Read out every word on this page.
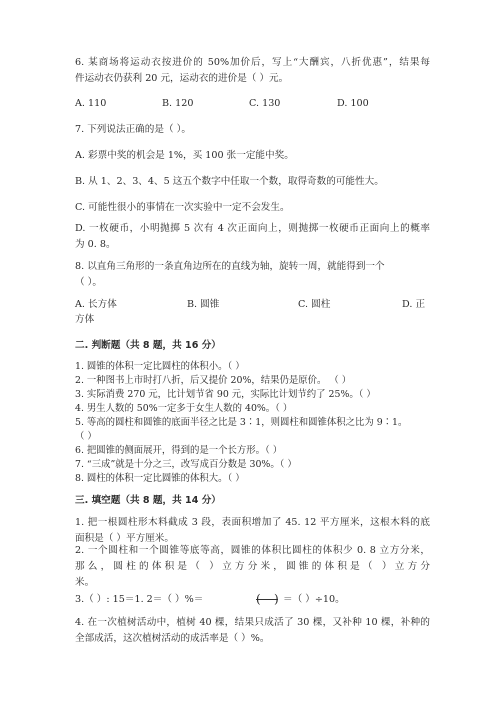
6. 某商场将运动衣按进价的 50%加价后，写上“大酬宾，八折优惠”，结果每
件运动衣仍获利 20 元，运动衣的进价是（ ）元。
A. 110	B. 120	C. 130	D. 100
7. 下列说法正确的是（ ）。
A. 彩票中奖的机会是 1%，买 100 张一定能中奖。
B. 从 1、2、3、4、5 这五个数字中任取一个数，取得奇数的可能性大。
C. 可能性很小的事情在一次实验中一定不会发生。
D. 一枚硬币，小明抛掷 5 次有 4 次正面向上，则抛掷一枚硬币正面向上的概率
为 0. 8。
8. 以直角三角形的一条直角边所在的直线为轴，旋转一周，就能得到一个
（ ）。
A. 长方体	B. 圆锥	C. 圆柱	D. 正
方体
二. 判断题（共 8 题，共 16 分）
1. 圆锥的体积一定比圆柱的体积小。（ ）
2. 一种图书上市时打八折，后又提价 20%，结果仍是原价。 （ ）
3. 实际消费 270 元，比计划节省 90 元，实际比计划节约了 25%。（ ）
4. 男生人数的 50%一定多于女生人数的 40%。（ ）
5. 等高的圆柱和圆锥的底面半径之比是 3∶1，则圆柱和圆锥体积之比为 9∶1。
（ ）
6. 把圆锥的侧面展开，得到的是一个长方形。（ ）
7. “三成”就是十分之三，改写成百分数是 30%。（ ）
8. 圆柱的体积一定比圆锥的体积大。（ ）
三. 填空题（共 8 题，共 14 分）
1. 把一根圆柱形木料截成 3 段，表面积增加了 45. 12 平方厘米，这根木料的底
面积是（ ）平方厘米。
2. 一个圆柱和一个圆锥等底等高，圆锥的体积比圆柱的体积少 0. 8 立方分米，
那么，圆柱的体积是（ ）立方分米，圆锥的体积是（ ）立方分
米。
3.（ ）: 15＝1. 2＝（ ）%＝	( ) ＝（ ）÷10。
4. 在一次植树活动中，植树 40 棵，结果只成活了 30 棵，又补种 10 棵，补种的
全部成活，这次植树活动的成活率是（ ）%。
